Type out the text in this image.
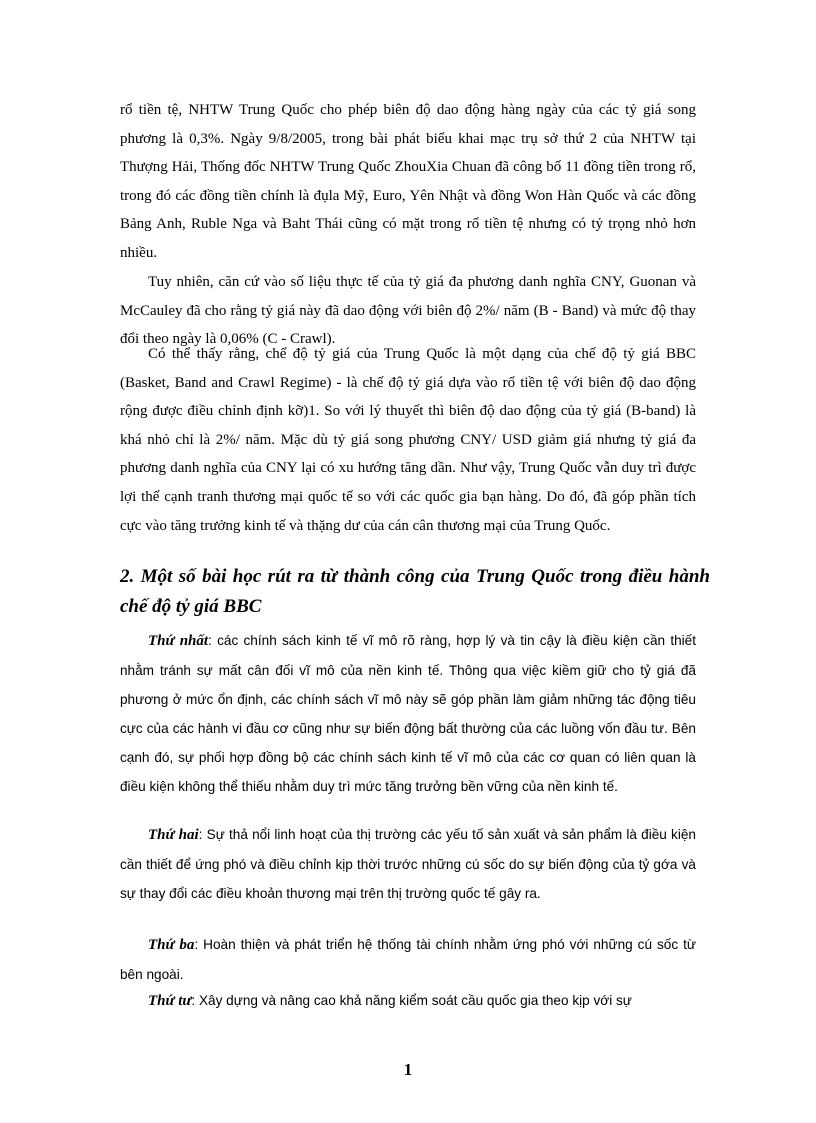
rổ tiền tệ, NHTW Trung Quốc cho phép biên độ dao động hàng ngày của các tỷ giá song phương là 0,3%. Ngày 9/8/2005, trong bài phát biểu khai mạc trụ sở thứ 2 của NHTW tại Thượng Hải, Thống đốc NHTW Trung Quốc ZhouXia Chuan đã công bố 11 đồng tiền trong rổ, trong đó các đồng tiền chính là đụla Mỹ, Euro, Yên Nhật và đồng Won Hàn Quốc và các đồng Bảng Anh, Ruble Nga và Baht Thái cũng có mặt trong rổ tiền tệ nhưng có tỷ trọng nhỏ hơn nhiều.

Tuy nhiên, căn cứ vào số liệu thực tế của tỷ giá đa phương danh nghĩa CNY, Guonan và McCauley đã cho rằng tỷ giá này đã dao động với biên độ 2%/ năm (B - Band) và mức độ thay đổi theo ngày là 0,06% (C - Crawl).

Có thể thấy rằng, chế độ tỷ giá của Trung Quốc là một dạng của chế độ tỷ giá BBC (Basket, Band and Crawl Regime) - là chế độ tỷ giá dựa vào rổ tiền tệ với biên độ dao động rộng được điều chỉnh định kỡ)1. So với lý thuyết thì biên độ dao động của tỷ giá (B-band) là khá nhỏ chỉ là 2%/ năm. Mặc dù tỷ giá song phương CNY/ USD giảm giá nhưng tỷ giá đa phương danh nghĩa của CNY lại có xu hướng tăng dần. Như vậy, Trung Quốc vẫn duy trì được lợi thế cạnh tranh thương mại quốc tế so với các quốc gia bạn hàng. Do đó, đã góp phần tích cực vào tăng trưởng kinh tế và thặng dư của cán cân thương mại của Trung Quốc.

2. Một số bài học rút ra từ thành công của Trung Quốc trong điều hành chế độ tỷ giá BBC

Thứ nhất: các chính sách kinh tế vĩ mô rõ ràng, hợp lý và tin cậy là điều kiện cần thiết nhằm tránh sự mất cân đối vĩ mô của nền kinh tế. Thông qua việc kiềm giữ cho tỷ giá đã phương ở mức ổn định, các chính sách vĩ mô này sẽ góp phần làm giảm những tác động tiêu cực của các hành vi đầu cơ cũng như sự biến động bất thường của các luồng vốn đầu tư. Bên cạnh đó, sự phối hợp đồng bộ các chính sách kinh tế vĩ mô của các cơ quan có liên quan là điều kiện không thể thiếu nhằm duy trì mức tăng trưởng bền vững của nền kinh tế.

Thứ hai: Sự thả nổi linh hoạt của thị trường các yếu tố sản xuất và sản phẩm là điều kiện cần thiết để ứng phó và điều chỉnh kịp thời trước những cú sốc do sự biến động của tỷ gớa và sự thay đổi các điều khoản thương mại trên thị trường quốc tế gây ra.

Thứ ba: Hoàn thiện và phát triển hệ thống tài chính nhằm ứng phó với những cú sốc từ bên ngoài.

Thứ tư: Xây dựng và nâng cao khả năng kiểm soát cầu quốc gia theo kịp với sự

1
